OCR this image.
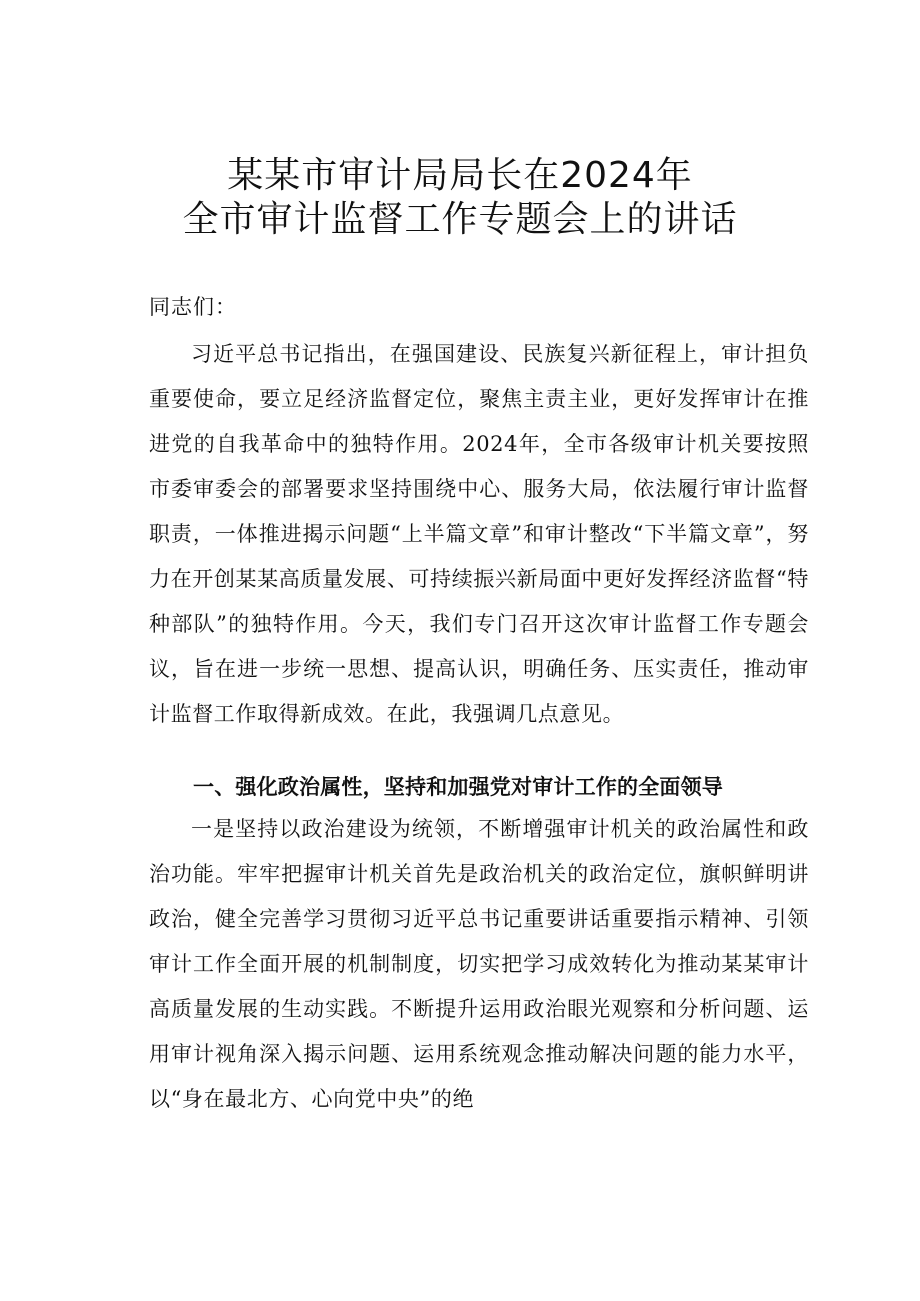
某某市审计局局长在2024年
全市审计监督工作专题会上的讲话
同志们：

习近平总书记指出，在强国建设、民族复兴新征程上，审计担负重要使命，要立足经济监督定位，聚焦主责主业，更好发挥审计在推进党的自我革命中的独特作用。2024年，全市各级审计机关要按照市委审委会的部署要求坚持围绕中心、服务大局，依法履行审计监督职责，一体推进揭示问题“上半篇文章”和审计整改“下半篇文章”，努力在开创某某高质量发展、可持续振兴新局面中更好发挥经济监督“特种部队”的独特作用。今天，我们专门召开这次审计监督工作专题会议，旨在进一步统一思想、提高认识，明确任务、压实责任，推动审计监督工作取得新成效。在此，我强调几点意见。

一、强化政治属性，坚持和加强党对审计工作的全面领导

一是坚持以政治建设为统领，不断增强审计机关的政治属性和政治功能。牢牢把握审计机关首先是政治机关的政治定位，旗帜鲜明讲政治，健全完善学习贯彻习近平总书记重要讲话重要指示精神、引领审计工作全面开展的机制制度，切实把学习成效转化为推动某某审计高质量发展的生动实践。不断提升运用政治眼光观察和分析问题、运用审计视角深入揭示问题、运用系统观念推动解决问题的能力水平，以“身在最北方、心向党中央”的绝
